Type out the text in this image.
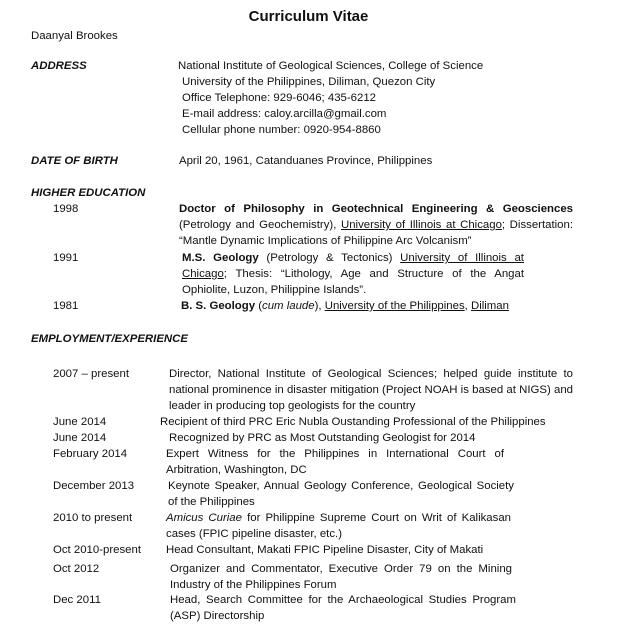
Curriculum Vitae
Daanyal Brookes
ADDRESS	National Institute of Geological Sciences, College of Science
University of the Philippines, Diliman, Quezon City
Office Telephone: 929-6046; 435-6212
E-mail address: caloy.arcilla@gmail.com
Cellular phone number: 0920-954-8860
DATE OF BIRTH	April 20, 1961, Catanduanes Province, Philippines
HIGHER EDUCATION
1998	Doctor of Philosophy in Geotechnical Engineering & Geosciences (Petrology and Geochemistry), University of Illinois at Chicago; Dissertation: “Mantle Dynamic Implications of Philippine Arc Volcanism”
1991	M.S. Geology (Petrology & Tectonics) University of Illinois at Chicago; Thesis: “Lithology, Age and Structure of the Angat Ophiolite, Luzon, Philippine Islands”.
1981	B. S. Geology (cum laude), University of the Philippines, Diliman
EMPLOYMENT/EXPERIENCE
2007 – present	Director, National Institute of Geological Sciences; helped guide institute to national prominence in disaster mitigation (Project NOAH is based at NIGS) and leader in producing top geologists for the country
June 2014	Recipient of third PRC Eric Nubla Oustanding Professional of the Philippines
June 2014	Recognized by PRC as Most Outstanding Geologist for 2014
February 2014	Expert Witness for the Philippines in International Court of Arbitration, Washington, DC
December 2013	Keynote Speaker, Annual Geology Conference, Geological Society of the Philippines
2010 to present	Amicus Curiae for Philippine Supreme Court on Writ of Kalikasan cases (FPIC pipeline disaster, etc.)
Oct 2010-present Head Consultant, Makati FPIC Pipeline Disaster, City of Makati
Oct 2012	Organizer and Commentator, Executive Order 79 on the Mining Industry of the Philippines Forum
Dec 2011	Head, Search Committee for the Archaeological Studies Program (ASP) Directorship
